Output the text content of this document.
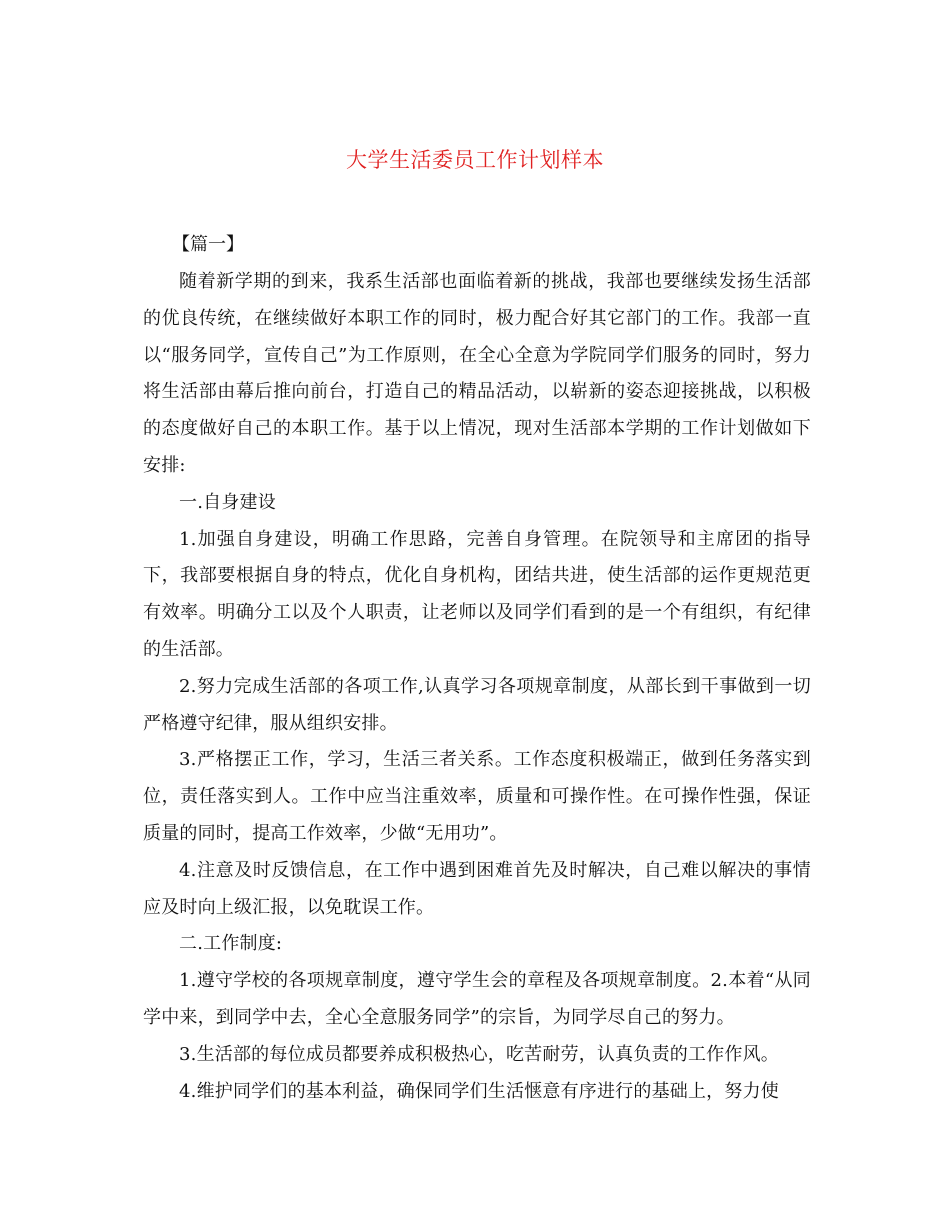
大学生活委员工作计划样本
【篇一】

随着新学期的到来，我系生活部也面临着新的挑战，我部也要继续发扬生活部的优良传统，在继续做好本职工作的同时，极力配合好其它部门的工作。我部一直以“服务同学，宣传自己”为工作原则，在全心全意为学院同学们服务的同时，努力将生活部由幕后推向前台，打造自己的精品活动，以崭新的姿态迎接挑战，以积极的态度做好自己的本职工作。基于以上情况，现对生活部本学期的工作计划做如下安排:

一.自身建设

1.加强自身建设，明确工作思路，完善自身管理。在院领导和主席团的指导下，我部要根据自身的特点，优化自身机构，团结共进，使生活部的运作更规范更有效率。明确分工以及个人职责，让老师以及同学们看到的是一个有组织，有纪律的生活部。

2.努力完成生活部的各项工作,认真学习各项规章制度，从部长到干事做到一切严格遵守纪律，服从组织安排。

3.严格摆正工作，学习，生活三者关系。工作态度积极端正，做到任务落实到位，责任落实到人。工作中应当注重效率，质量和可操作性。在可操作性强，保证质量的同时，提高工作效率，少做“无用功”。

4.注意及时反馈信息，在工作中遇到困难首先及时解决，自己难以解决的事情应及时向上级汇报，以免耽误工作。

二.工作制度:

1.遵守学校的各项规章制度，遵守学生会的章程及各项规章制度。2.本着“从同学中来，到同学中去，全心全意服务同学”的宗旨，为同学尽自己的努力。

3.生活部的每位成员都要养成积极热心，吃苦耐劳，认真负责的工作作风。

4.维护同学们的基本利益，确保同学们生活惬意有序进行的基础上，努力使
